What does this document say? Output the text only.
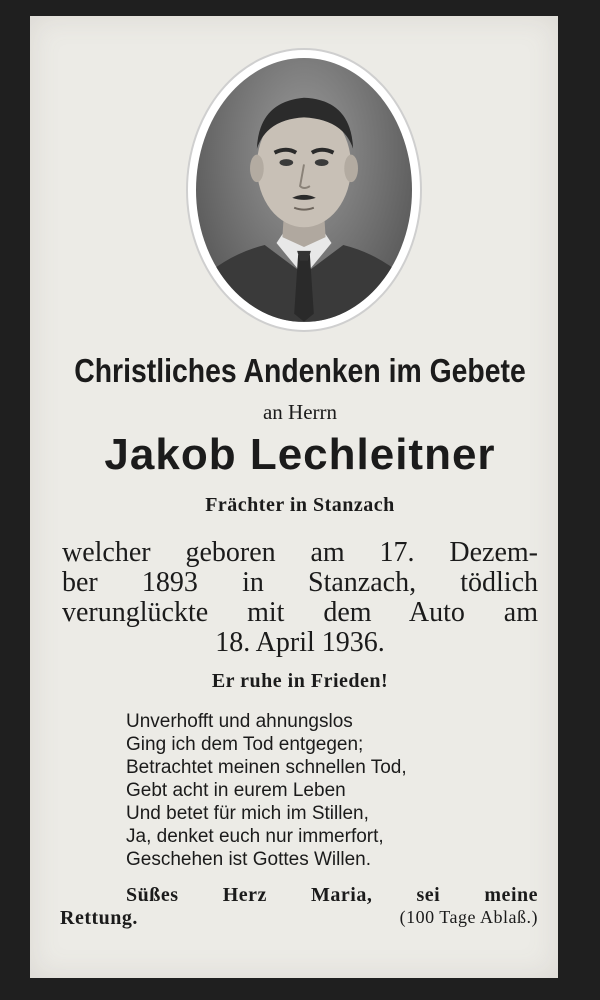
Christliches Andenken im Gebete
an Herrn
Jakob Lechleitner
Frächter in Stanzach
welcher geboren am 17. Dezem-
ber 1893 in Stanzach, tödlich
verunglückte mit dem Auto am
18. April 1936.
Er ruhe in Frieden!
Unverhofft und ahnungslos
Ging ich dem Tod entgegen;
Betrachtet meinen schnellen Tod,
Gebt acht in eurem Leben
Und betet für mich im Stillen,
Ja, denket euch nur immerfort,
Geschehen ist Gottes Willen.
Süßes Herz Maria, sei meine
Rettung.	(100 Tage Ablaß.)
